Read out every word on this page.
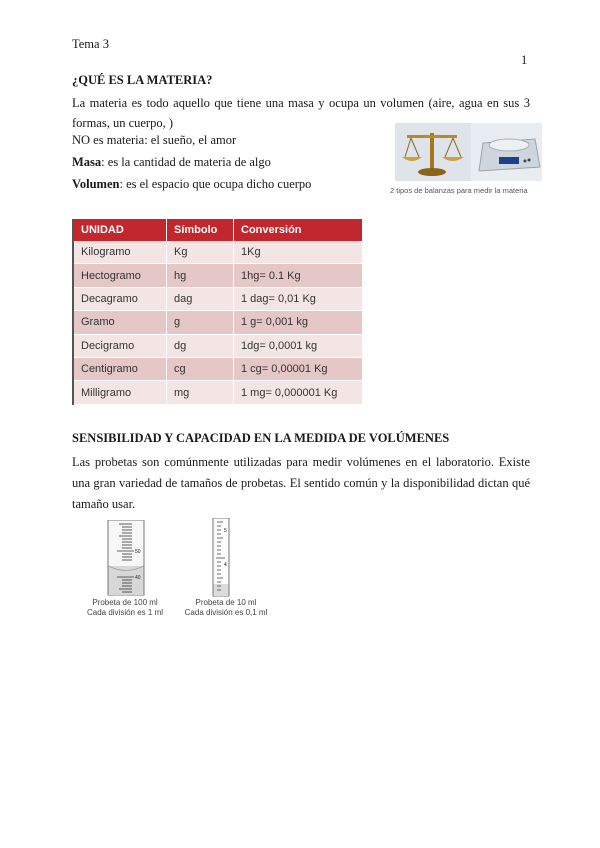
Tema 3
1
¿QUÉ ES LA MATERIA?
La materia es todo aquello que tiene una masa y ocupa un volumen (aire, agua en sus 3 formas, un cuerpo, )
NO es materia: el sueño, el amor
Masa: es la cantidad de materia de algo
Volumen: es el espacio que ocupa dicho cuerpo	2 tipos de balanzas para medir la materia
UNIDAD	Símbolo	Conversión
Kilogramo	Kg	1Kg
Hectogramo	hg	1hg= 0.1 Kg
Decagramo	dag	1 dag= 0,01 Kg
Gramo	g	1 g= 0,001 kg
Decigramo	dg	1dg= 0,0001 kg
Centigramo	cg	1 cg= 0,00001 Kg
Milligramo	mg	1 mg= 0,000001 Kg
SENSIBILIDAD Y CAPACIDAD EN LA MEDIDA DE VOLÚMENES
Las probetas son comúnmente utilizadas para medir volúmenes en el laboratorio. Existe una gran variedad de tamaños de probetas. El sentido común y la disponibilidad dictan qué tamaño usar.
50
40
Probeta de 100 ml
Cada división es 1 ml
5
4
Probeta de 10 ml
Cada división es 0,1 ml
